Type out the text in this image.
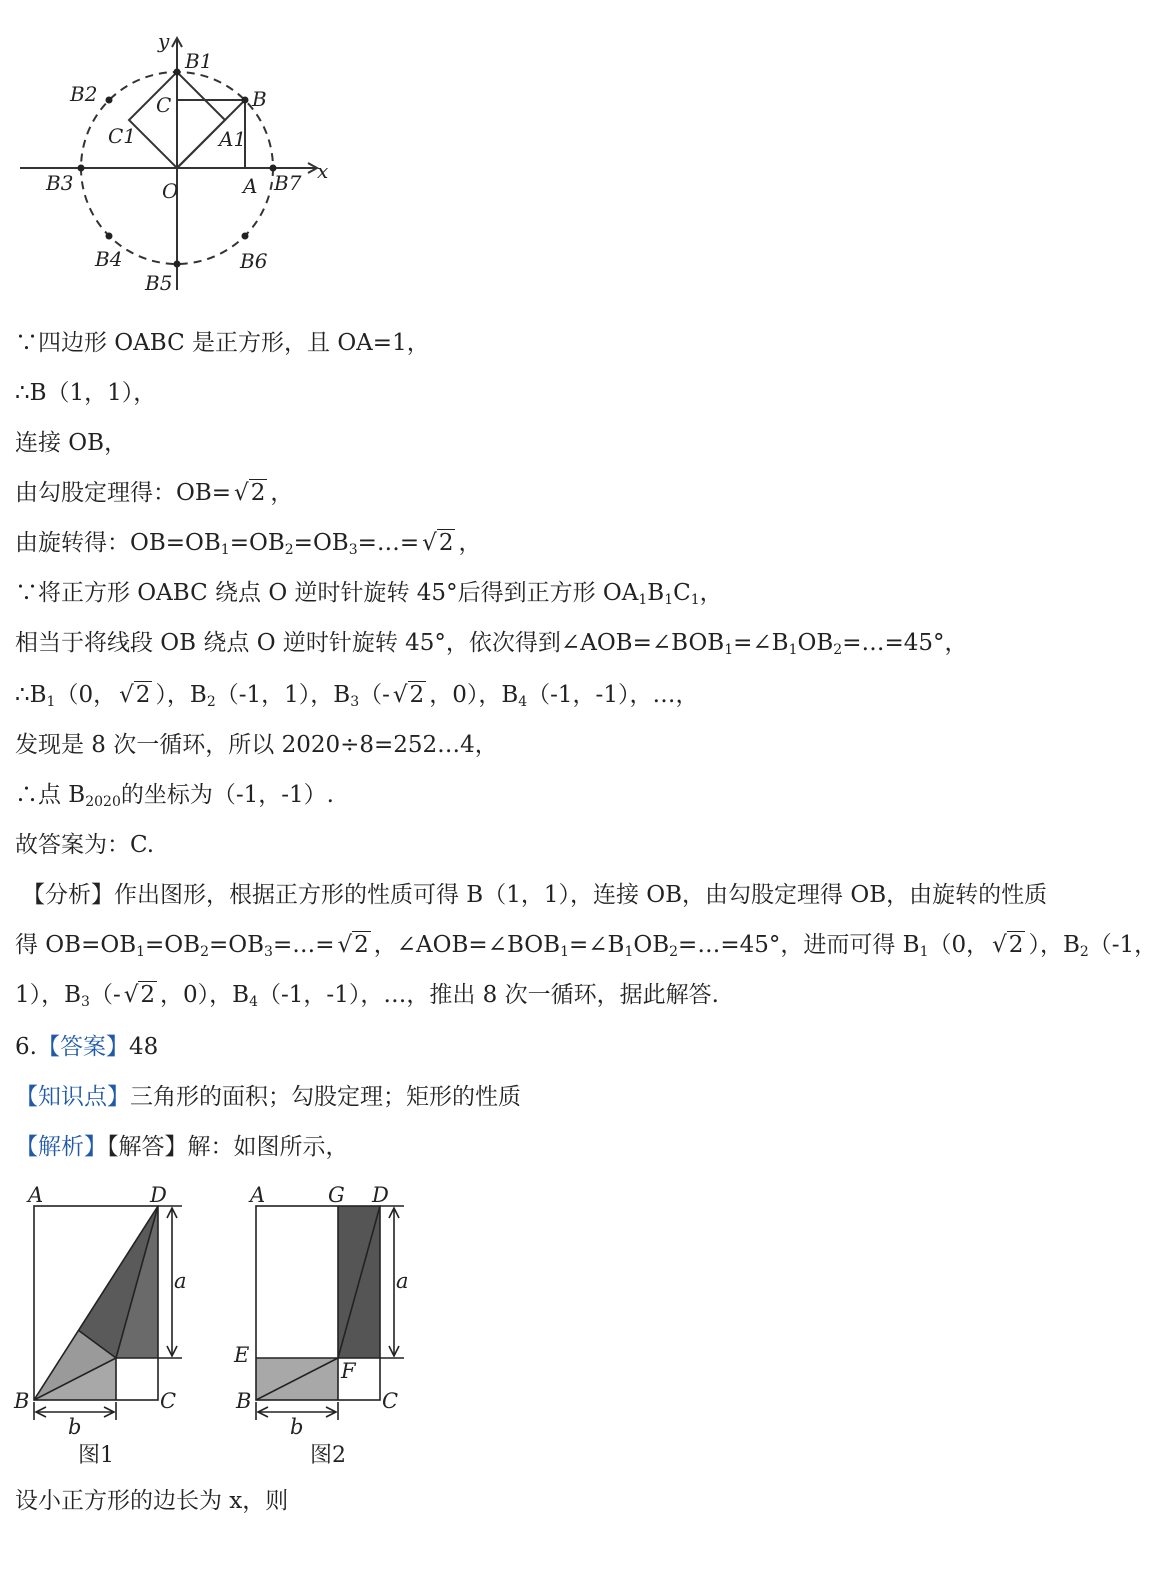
y
x
O	A
B
C
A1
C1
B1
B2
B3
B4
B5
B6
B7
∵四边形 OABC 是正方形，且 OA=1，
∴B（1，1），
连接 OB，
由勾股定理得：OB= √2 ，
由旋转得：$OB=OB_1=OB_2=OB_3=\dots= √2$ ，
∵将正方形 OABC 绕点 O 逆时针旋转 45°后得到正方形 $OA_1B_1C_1$，
相当于将线段 OB 绕点 O 逆时针旋转 45°，依次得到$\angle AOB=\angle BOB_1=\angle B_1OB_2=\dots=45^\circ$，
$\therefore B_1(0$， √2 ），$B_2(-1$，1），$B_3(-$ √2 ，0），$B_4(-1$，-1），…，
发现是 8 次一循环，所以 2020÷8=252…4，
∴点 $B_{2020}$的坐标为（-1，-1）.
故答案为：C.
【分析】作出图形，根据正方形的性质可得 B（1，1），连接 OB，由勾股定理得 OB，由旋转的性质
得 $OB=OB_1=OB_2=OB_3=\dots= √2$ ，$\angle AOB=\angle BOB_1=\angle B_1OB_2=\dots=45^\circ$，进而可得 $B_1(0$， √2 ），$B_2(-1$，
1），$B_3(-$ √2 ，0），$B_4(-1$，-1），…，推出 8 次一循环，据此解答.
6.【答案】48
【知识点】三角形的面积；勾股定理；矩形的性质
【解析】【解答】解：如图所示，
A	D
B	C
a
b
图1
A	G D
E
F
B	C
a
b
图2
设小正方形的边长为 x，则
